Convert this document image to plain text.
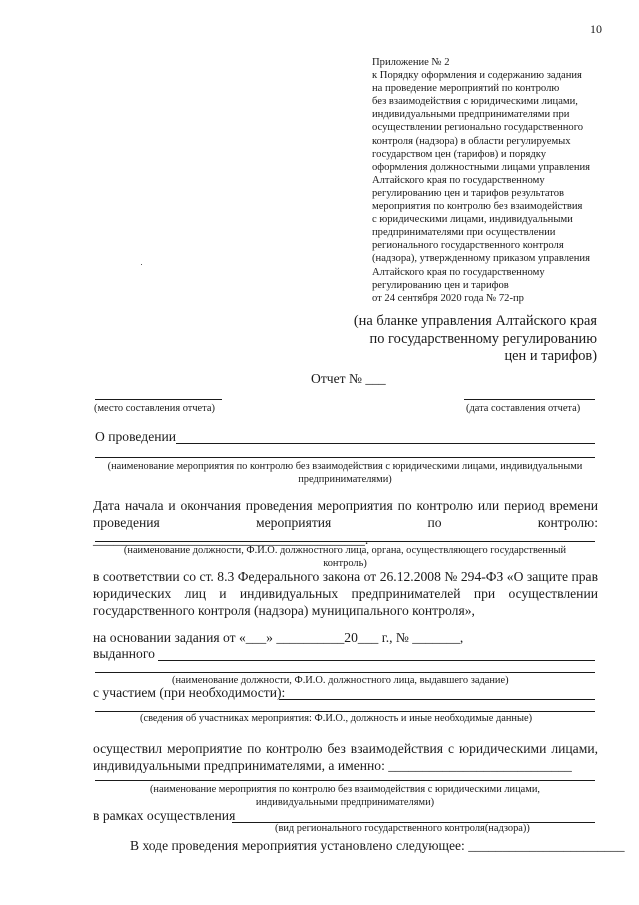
10
Приложение № 2
к Порядку оформления и содержанию задания
на проведение мероприятий по контролю
без взаимодействия с юридическими лицами,
индивидуальными предпринимателями при
осуществлении регионально государственного
контроля (надзора) в области регулируемых
государством цен (тарифов) и порядку
оформления должностными лицами управления
Алтайского края по государственному
регулированию цен и тарифов результатов
мероприятия по контролю без взаимодействия
с юридическими лицами, индивидуальными
предпринимателями при осуществлении
регионального государственного контроля
(надзора), утвержденному приказом управления
Алтайского края по государственному
регулированию цен и тарифов
от 24 сентября 2020 года № 72-пр
(на бланке управления Алтайского края
по государственному регулированию
цен и тарифов)
Отчет № ___
(место составления отчета)	(дата составления отчета)
О проведении
(наименование мероприятия по контролю без взаимодействия с юридическими лицами, индивидуальными предпринимателями)
Дата начала и окончания проведения мероприятия по контролю или период времени проведения мероприятия по контролю: ________________________________________.
(наименование должности, Ф.И.О. должностного лица, органа, осуществляющего государственный контроль)
в соответствии со ст. 8.3 Федерального закона от 26.12.2008 № 294-ФЗ «О защите прав юридических лиц и индивидуальных предпринимателей при осуществлении государственного контроля (надзора) муниципального контроля»,
на основании задания от «___» __________20___ г., № _______,
выданного
(наименование должности, Ф.И.О. должностного лица, выдавшего задание)
с участием (при необходимости):
(сведения об участниках мероприятия: Ф.И.О., должность и иные необходимые данные)
осуществил мероприятие по контролю без взаимодействия с юридическими лицами, индивидуальными предпринимателями, а именно: ___________________________
(наименование мероприятия по контролю без взаимодействия с юридическими лицами, индивидуальными предпринимателями)
в рамках осуществления
(вид регионального государственного контроля(надзора))
В ходе проведения мероприятия установлено следующее: _______________________
